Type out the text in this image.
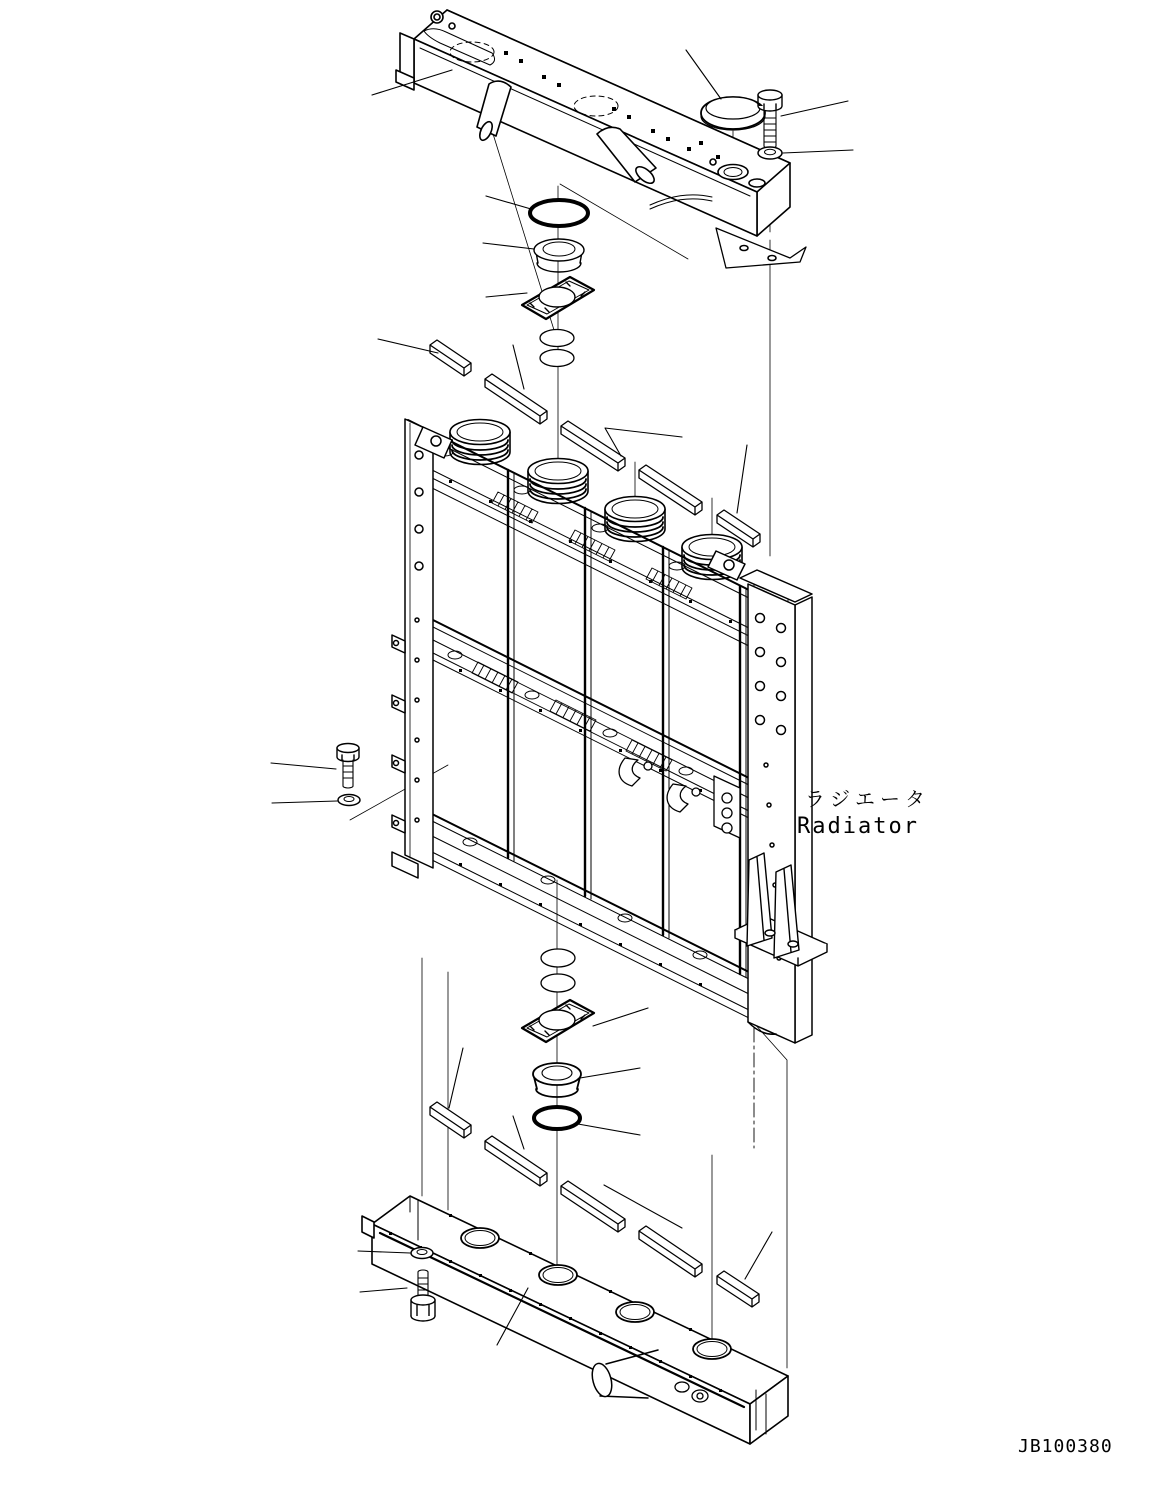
ラジエータ
Radiator
JB100380
